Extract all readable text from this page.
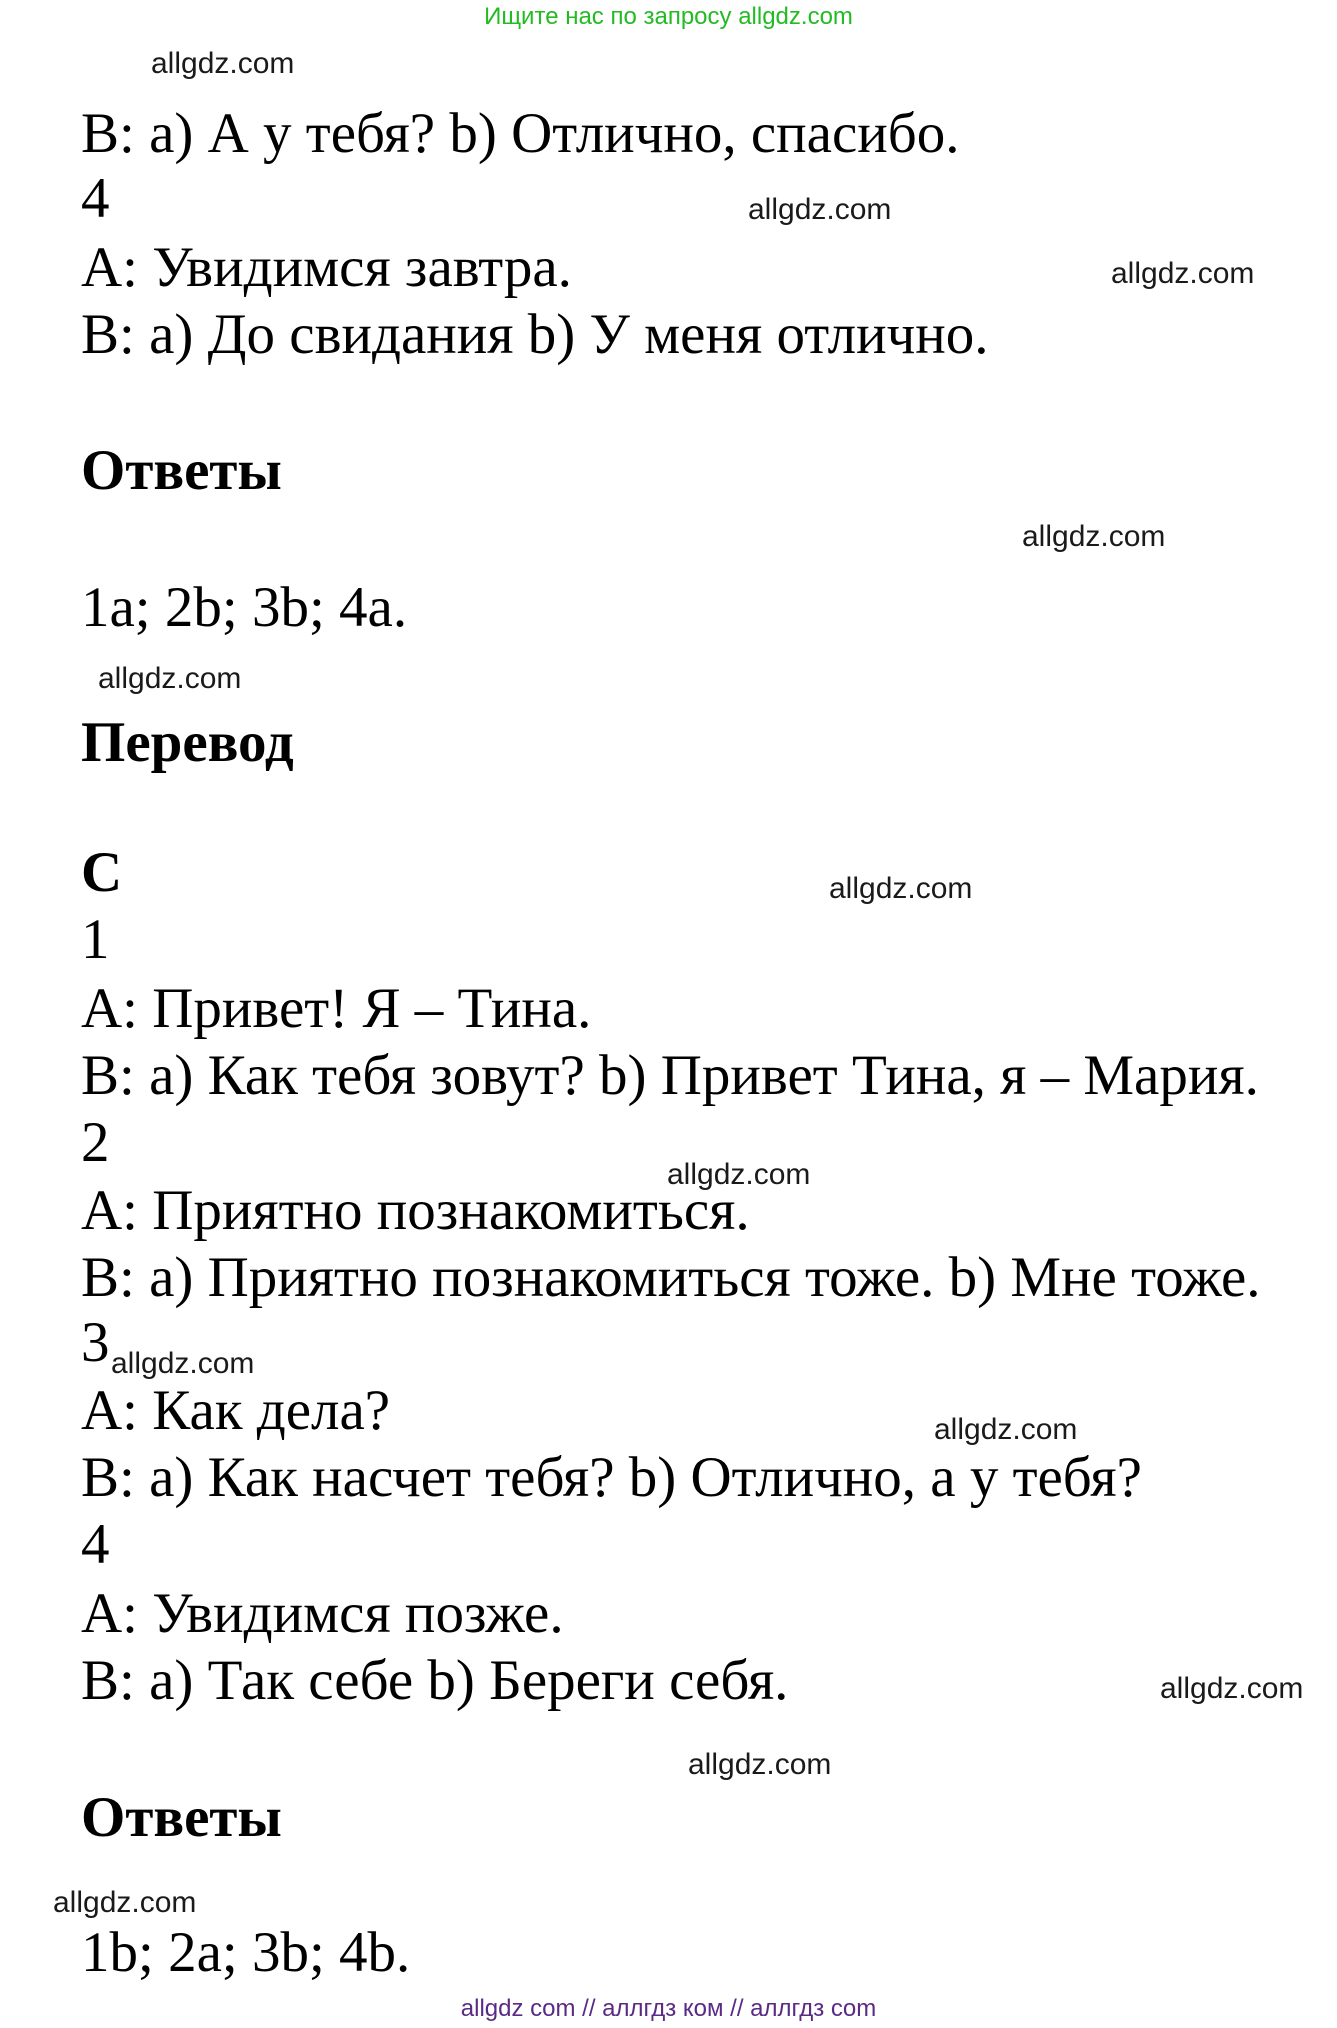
Ищите нас по запросу allgdz.com
allgdz.com
allgdz.com
allgdz.com
allgdz.com
allgdz.com
allgdz.com
allgdz.com
allgdz.com
allgdz.com
allgdz.com
allgdz.com
allgdz.com
B: a) А у тебя? b) Отлично, спасибо.
4
A: Увидимся завтра.
B: a) До свидания b) У меня отлично.
Ответы
1a; 2b; 3b; 4a.
Перевод
C
1
A: Привет! Я – Тина.
B: a) Как тебя зовут? b) Привет Тина, я – Мария.
2
A: Приятно познакомиться.
B: a) Приятно познакомиться тоже. b) Мне тоже.
3
A: Как дела?
B: a) Как насчет тебя? b) Отлично, а у тебя?
4
A: Увидимся позже.
B: a) Так себе b) Береги себя.
Ответы
1b; 2a; 3b; 4b.
allgdz com // аллгдз ком // аллгдз com
